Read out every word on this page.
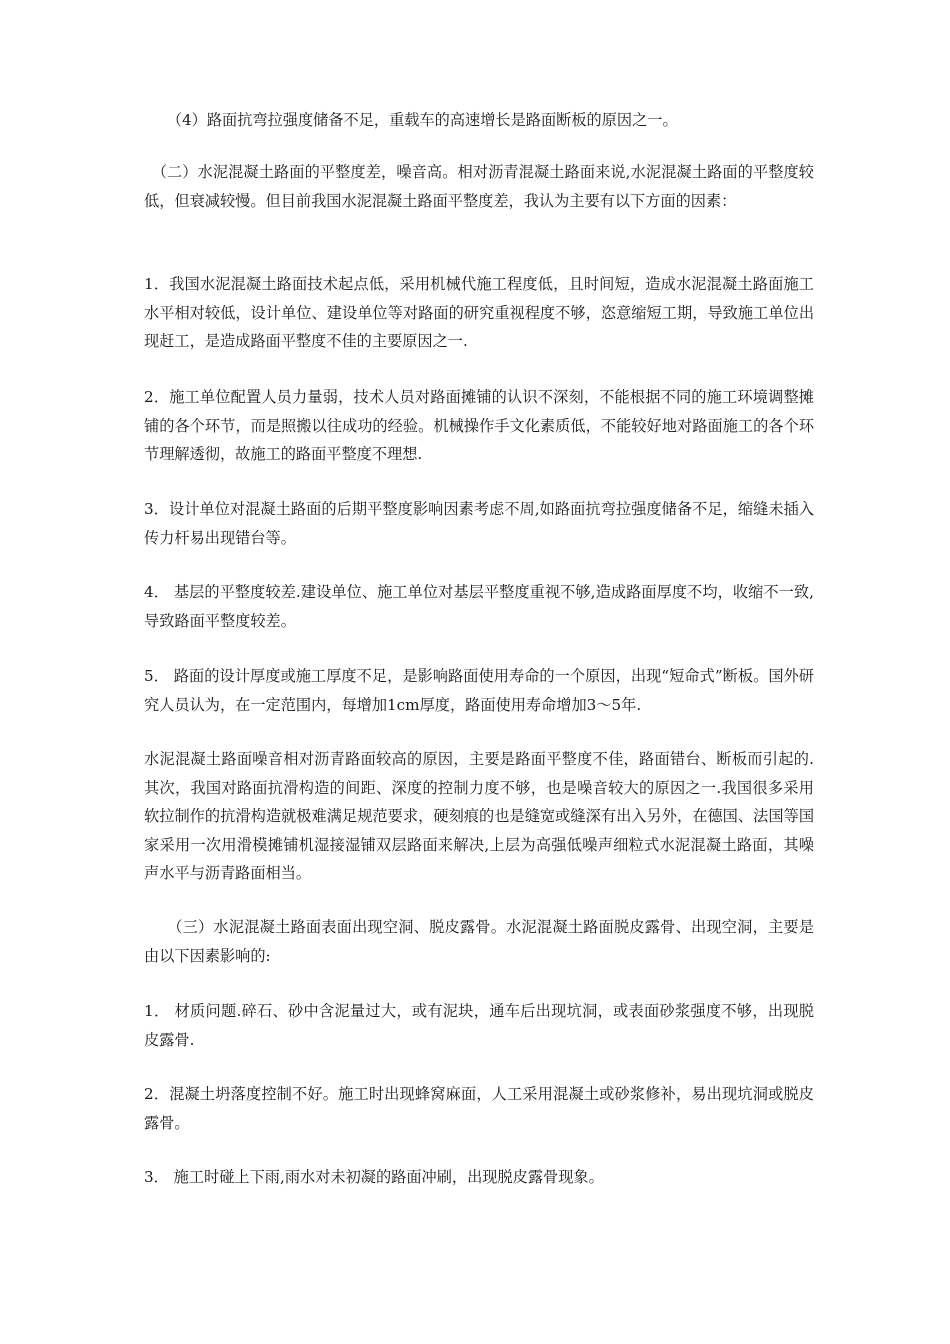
　　（4）路面抗弯拉强度储备不足，重载车的高速增长是路面断板的原因之一。

　（二）水泥混凝土路面的平整度差，噪音高。相对沥青混凝土路面来说,水泥混凝土路面的平整度较低，但衰减较慢。但目前我国水泥混凝土路面平整度差，我认为主要有以下方面的因素：

1．我国水泥混凝土路面技术起点低，采用机械代施工程度低，且时间短，造成水泥混凝土路面施工水平相对较低，设计单位、建设单位等对路面的研究重视程度不够，恣意缩短工期，导致施工单位出现赶工，是造成路面平整度不佳的主要原因之一.

2．施工单位配置人员力量弱，技术人员对路面摊铺的认识不深刻，不能根据不同的施工环境调整摊铺的各个环节，而是照搬以往成功的经验。机械操作手文化素质低，不能较好地对路面施工的各个环节理解透彻，故施工的路面平整度不理想.

3．设计单位对混凝土路面的后期平整度影响因素考虑不周,如路面抗弯拉强度储备不足，缩缝未插入传力杆易出现错台等。

4． 基层的平整度较差.建设单位、施工单位对基层平整度重视不够,造成路面厚度不均，收缩不一致,导致路面平整度较差。

5． 路面的设计厚度或施工厚度不足，是影响路面使用寿命的一个原因，出现“短命式”断板。国外研究人员认为，在一定范围内，每增加1cm厚度，路面使用寿命增加3～5年.

水泥混凝土路面噪音相对沥青路面较高的原因，主要是路面平整度不佳，路面错台、断板而引起的.其次，我国对路面抗滑构造的间距、深度的控制力度不够，也是噪音较大的原因之一.我国很多采用软拉制作的抗滑构造就极难满足规范要求，硬刻痕的也是缝宽或缝深有出入另外，在德国、法国等国家采用一次用滑模摊铺机湿接湿铺双层路面来解决,上层为高强低噪声细粒式水泥混凝土路面，其噪声水平与沥青路面相当。

　　（三）水泥混凝土路面表面出现空洞、脱皮露骨。水泥混凝土路面脱皮露骨、出现空洞，主要是由以下因素影响的:

1． 材质问题.碎石、砂中含泥量过大，或有泥块，通车后出现坑洞，或表面砂浆强度不够，出现脱皮露骨.

2．混凝土坍落度控制不好。施工时出现蜂窝麻面，人工采用混凝土或砂浆修补，易出现坑洞或脱皮露骨。

3． 施工时碰上下雨,雨水对未初凝的路面冲刷，出现脱皮露骨现象。
